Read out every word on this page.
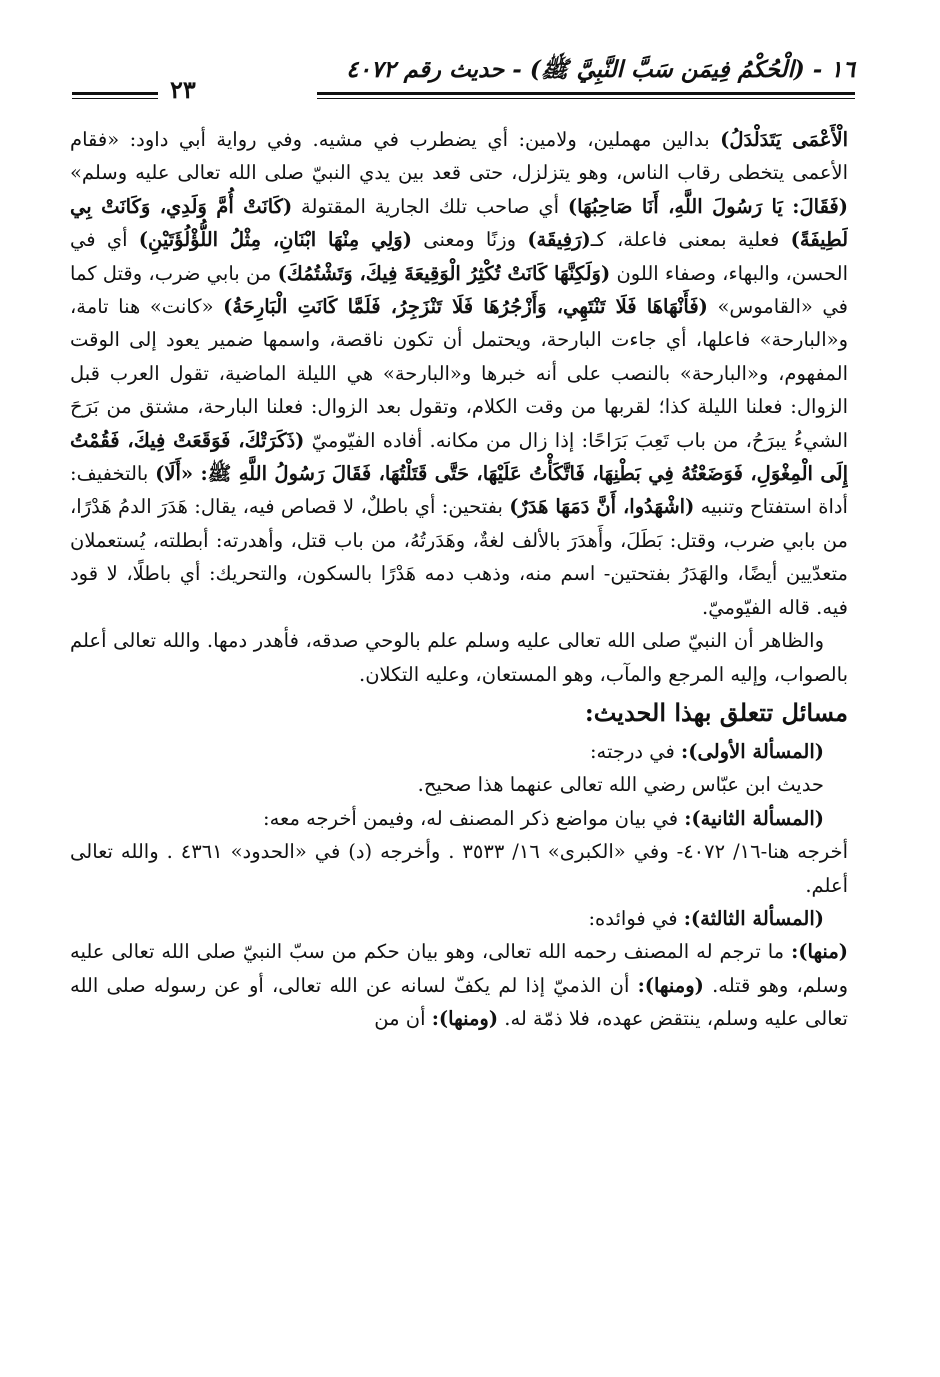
١٦ - (الْحُكْمُ فِيمَن سَبَّ النَّبِيَّ ﷺ) - حديث رقم ٤٠٧٢
٢٣

الْأَعْمَى يَتَدَلْدَلُ) بدالين مهملين، ولامين: أي يضطرب في مشيه. وفي رواية أبي داود: «فقام الأعمى يتخطى رقاب الناس، وهو يتزلزل، حتى قعد بين يدي النبيّ صلى الله تعالى عليه وسلم» (فَقَالَ: يَا رَسُولَ اللَّهِ، أَنَا صَاحِبُهَا) أي صاحب تلك الجارية المقتولة (كَانَتْ أُمَّ وَلَدِي، وَكَانَتْ بِي لَطِيفَةً) فعلية بمعنى فاعلة، كـ(رَفِيقَة) وزنًا ومعنى (وَلِي مِنْهَا ابْنَانِ، مِثْلُ اللُّؤْلُؤَتَيْنِ) أي في الحسن، والبهاء، وصفاء اللون (وَلَكِنَّهَا كَانَتْ تُكْثِرُ الْوَقِيعَةَ فِيكَ، وَتَشْتُمُكَ) من بابي ضرب، وقتل كما في «القاموس» (فَأَنْهَاهَا فَلَا تَنْتَهِي، وَأَزْجُرُهَا فَلَا تَنْزَجِرُ، فَلَمَّا كَانَتِ الْبَارِحَةُ) «كانت» هنا تامة، و«البارحة» فاعلها، أي جاءت البارحة، ويحتمل أن تكون ناقصة، واسمها ضمير يعود إلى الوقت المفهوم، و«البارحة» بالنصب على أنه خبرها و«البارحة» هي الليلة الماضية، تقول العرب قبل الزوال: فعلنا الليلة كذا؛ لقربها من وقت الكلام، وتقول بعد الزوال: فعلنا البارحة، مشتق من بَرَحَ الشيءُ يبرَحُ، من باب تَعِبَ بَرَاحًا: إذا زال من مكانه. أفاده الفيّوميّ (ذَكَرَتْكَ، فَوَقَعَتْ فِيكَ، فَقُمْتُ إِلَى الْمِغْوَلِ، فَوَضَعْتُهُ فِي بَطْنِهَا، فَاتَّكَأْتُ عَلَيْهَا، حَتَّى قَتَلْتُهَا، فَقَالَ رَسُولُ اللَّهِ ﷺ: «أَلَا) بالتخفيف: أداة استفتاح وتنبيه (اشْهَدُوا، أَنَّ دَمَهَا هَدَرٌ) بفتحين: أي باطلٌ، لا قصاص فيه، يقال: هَدَرَ الدمُ هَدْرًا، من بابي ضرب، وقتل: بَطَلَ، وأَهدَرَ بالألف لغةٌ، وهَدَرتُهُ، من باب قتل، وأهدرته: أبطلته، يُستعملان متعدّيين أيضًا، والهَدَرُ بفتحتين- اسم منه، وذهب دمه هَدْرًا بالسكون، والتحريك: أي باطلًا، لا قود فيه. قاله الفيّوميّ.

والظاهر أن النبيّ صلى الله تعالى عليه وسلم علم بالوحي صدقه، فأهدر دمها. والله تعالى أعلم بالصواب، وإليه المرجع والمآب، وهو المستعان، وعليه التكلان.

مسائل تتعلق بهذا الحديث:

(المسألة الأولى): في درجته:

حديث ابن عبّاس رضي الله تعالى عنهما هذا صحيح.

(المسألة الثانية): في بيان مواضع ذكر المصنف له، وفيمن أخرجه معه:

أخرجه هنا-١٦/ ٤٠٧٢- وفي «الكبرى» ١٦/ ٣٥٣٣ . وأخرجه (د) في «الحدود» ٤٣٦١ . والله تعالى أعلم.

(المسألة الثالثة): في فوائده:

(منها): ما ترجم له المصنف رحمه الله تعالى، وهو بيان حكم من سبّ النبيّ صلى الله تعالى عليه وسلم، وهو قتله. (ومنها): أن الذميّ إذا لم يكفّ لسانه عن الله تعالى، أو عن رسوله صلى الله تعالى عليه وسلم، ينتقض عهده، فلا ذمّة له. (ومنها): أن من
